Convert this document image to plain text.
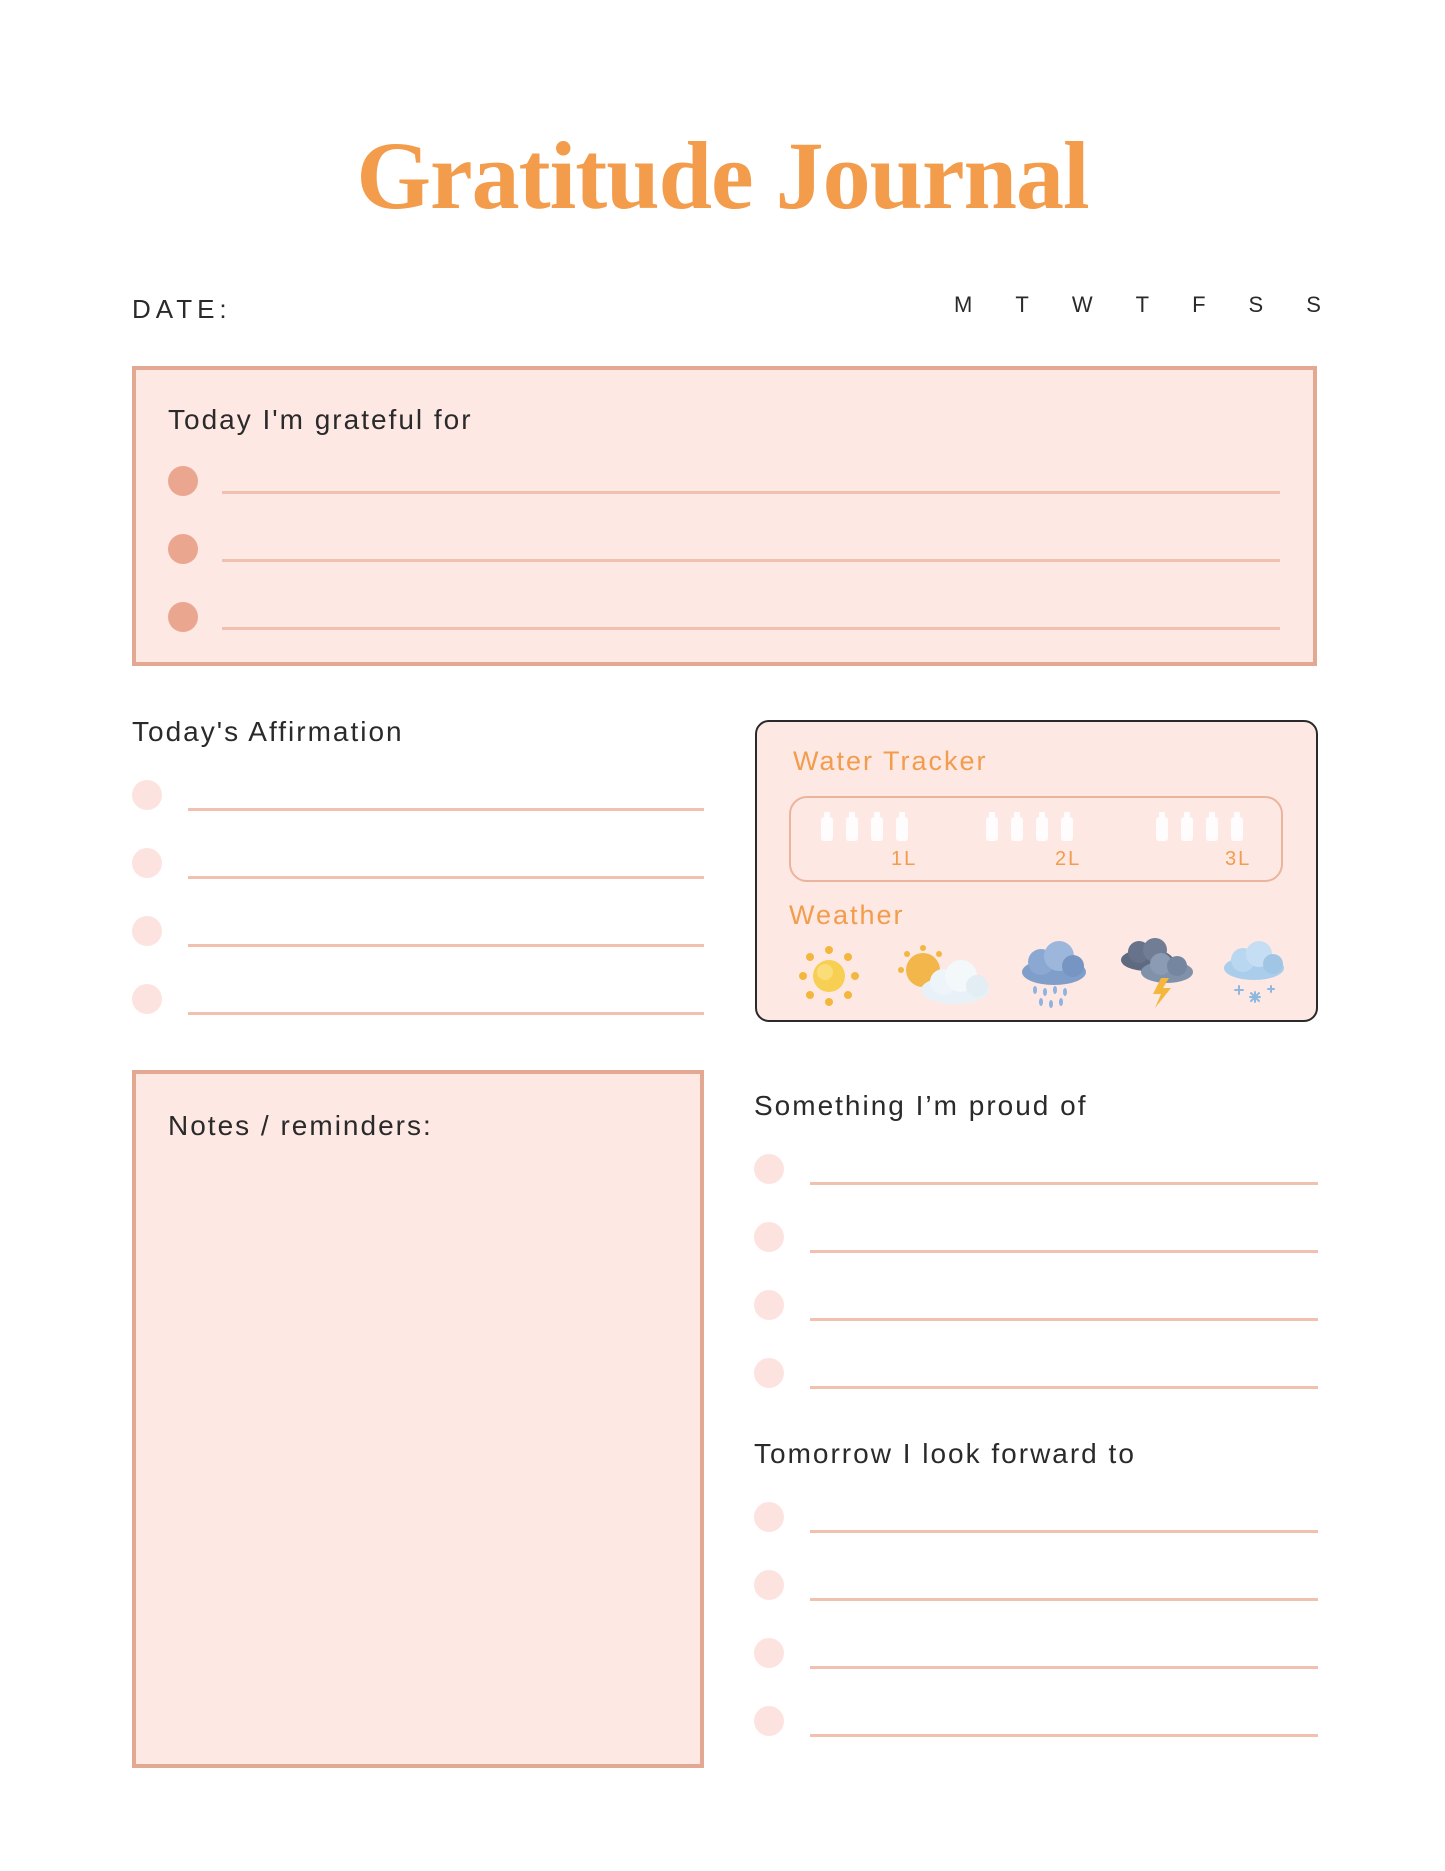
Gratitude Journal
DATE:	M T W T F S S
Today I'm grateful for
Today's Affirmation
Water Tracker
1L	2L	3L
Weather
Notes / reminders:
Something I’m proud of
Tomorrow I look forward to
